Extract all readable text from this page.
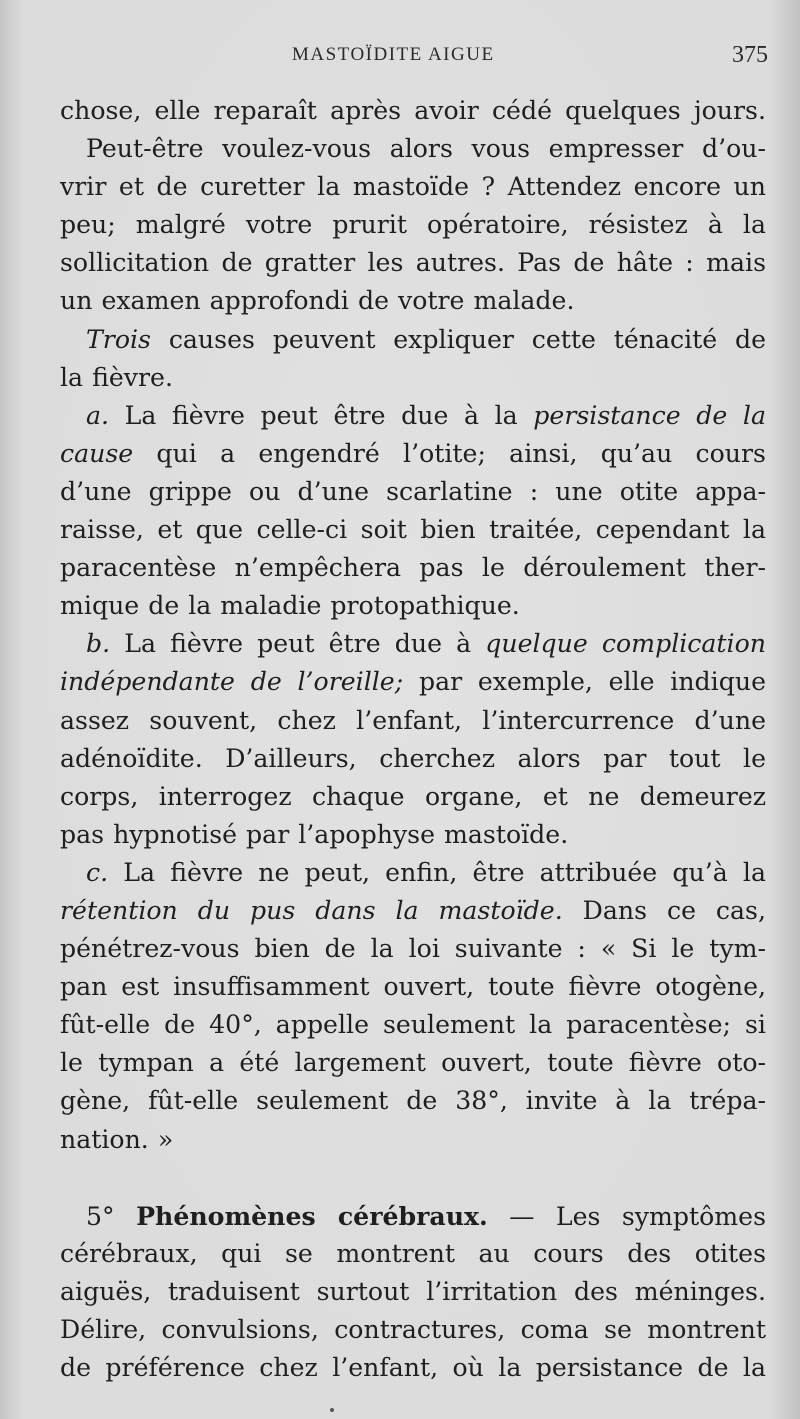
MASTOÏDITE AIGUE	375
chose, elle reparaît après avoir cédé quelques jours.
Peut-être voulez-vous alors vous empresser d’ou-
vrir et de curetter la mastoïde ? Attendez encore un
peu; malgré votre prurit opératoire, résistez à la
sollicitation de gratter les autres. Pas de hâte : mais
un examen approfondi de votre malade.
Trois causes peuvent expliquer cette ténacité de
la fièvre.
a. La fièvre peut être due à la persistance de la
cause qui a engendré l’otite; ainsi, qu’au cours
d’une grippe ou d’une scarlatine : une otite appa-
raisse, et que celle-ci soit bien traitée, cependant la
paracentèse n’empêchera pas le déroulement ther-
mique de la maladie protopathique.
b. La fièvre peut être due à quelque complication
indépendante de l’oreille; par exemple, elle indique
assez souvent, chez l’enfant, l’intercurrence d’une
adénoïdite. D’ailleurs, cherchez alors par tout le
corps, interrogez chaque organe, et ne demeurez
pas hypnotisé par l’apophyse mastoïde.
c. La fièvre ne peut, enfin, être attribuée qu’à la
rétention du pus dans la mastoïde. Dans ce cas,
pénétrez-vous bien de la loi suivante : « Si le tym-
pan est insuffisamment ouvert, toute fièvre otogène,
fût-elle de 40°, appelle seulement la paracentèse; si
le tympan a été largement ouvert, toute fièvre oto-
gène, fût-elle seulement de 38°, invite à la trépa-
nation. »
5° Phénomènes cérébraux. — Les symptômes
cérébraux, qui se montrent au cours des otites
aiguës, traduisent surtout l’irritation des méninges.
Délire, convulsions, contractures, coma se montrent
de préférence chez l’enfant, où la persistance de la
